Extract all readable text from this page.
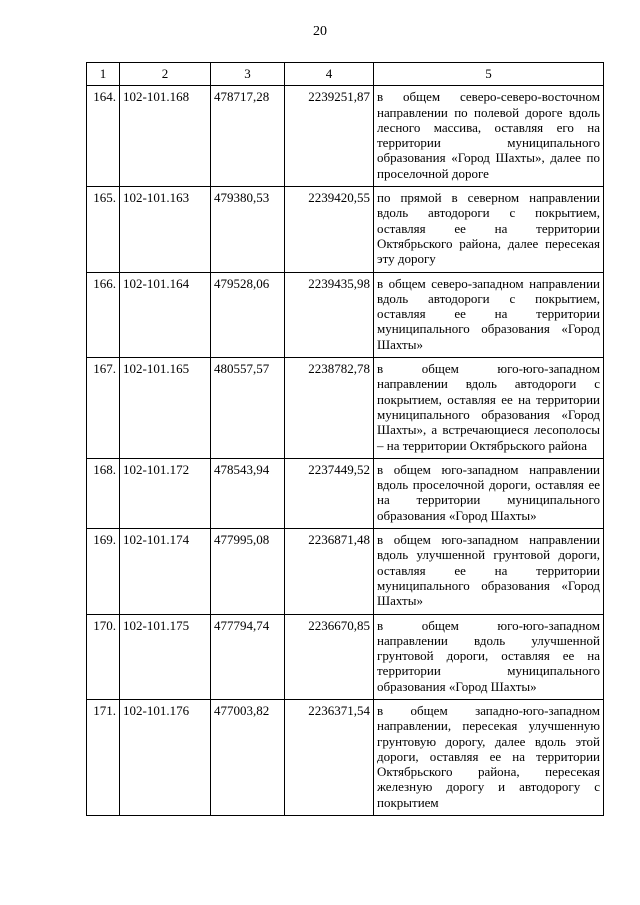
20
1	2	3	4	5
164.	102-101.168	478717,28	2239251,87	в общем северо-северо-восточном направлении по полевой дороге вдоль лесного массива, оставляя его на территории муниципального образования «Город Шахты», далее по проселочной дороге
165.	102-101.163	479380,53	2239420,55	по прямой в северном направлении вдоль автодороги с покрытием, оставляя ее на территории Октябрьского района, далее пересекая эту дорогу
166.	102-101.164	479528,06	2239435,98	в общем северо-западном направлении вдоль автодороги с покрытием, оставляя ее на территории муниципального образования «Город Шахты»
167.	102-101.165	480557,57	2238782,78	в общем юго-юго-западном направлении вдоль автодороги с покрытием, оставляя ее на территории муниципального образования «Город Шахты», а встречающиеся лесополосы – на территории Октябрьского района
168.	102-101.172	478543,94	2237449,52	в общем юго-западном направлении вдоль проселочной дороги, оставляя ее на территории муниципального образования «Город Шахты»
169.	102-101.174	477995,08	2236871,48	в общем юго-западном направлении вдоль улучшенной грунтовой дороги, оставляя ее на территории муниципального образования «Город Шахты»
170.	102-101.175	477794,74	2236670,85	в общем юго-юго-западном направлении вдоль улучшенной грунтовой дороги, оставляя ее на территории муниципального образования «Город Шахты»
171.	102-101.176	477003,82	2236371,54	в общем западно-юго-западном направлении, пересекая улучшенную грунтовую дорогу, далее вдоль этой дороги, оставляя ее на территории Октябрьского района, пересекая железную дорогу и автодорогу с покрытием
